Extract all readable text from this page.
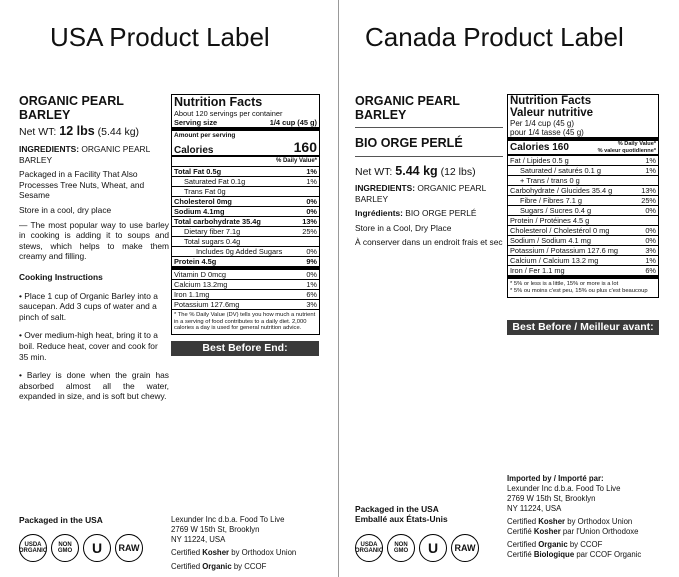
USA Product Label
ORGANIC PEARL BARLEY
Net WT: 12 lbs (5.44 kg)

INGREDIENTS: ORGANIC PEARL BARLEY

Packaged in a Facility That Also Processes Tree Nuts, Wheat, and Sesame

Store in a cool, dry place

— The most popular way to use barley in cooking is adding it to soups and stews, which helps to make them creamy and filling.

Cooking Instructions

• Place 1 cup of Organic Barley into a saucepan. Add 3 cups of water and a pinch of salt.

• Over medium-high heat, bring it to a boil. Reduce heat, cover and cook for 35 min.

• Barley is done when the grain has absorbed almost all the water, expanded in size, and is soft but chewy.

Nutrition Facts
About 120 servings per container
Serving size	1/4 cup (45 g)
Amount per serving
Calories	160
% Daily Value*
Total Fat 0.5g	1%
Saturated Fat 0.1g	1%
Trans Fat 0g
Cholesterol 0mg	0%
Sodium 4.1mg	0%
Total carbohydrate 35.4g	13%
Dietary fiber 7.1g	25%
Total sugars 0.4g
Includes 0g Added Sugars	0%
Protein 4.5g	9%
Vitamin D 0mcg	0%
Calcium 13.2mg	1%
Iron 1.1mg	6%
Potassium 127.6mg	3%
* The % Daily Value (DV) tells you how much a nutrient in a serving of food contributes to a daily diet. 2,000 calories a day is used for general nutrition advice.
Best Before End:
Packaged in the USA
USDA ORGANIC
NON GMO	U	RAW
Lexunder Inc d.b.a. Food To Live
2769 W 15th St, Brooklyn
NY 11224, USA
Certified Kosher by Orthodox Union
Certified Organic by CCOF
Canada Product Label
ORGANIC PEARL BARLEY
BIO ORGE PERLÉ
Net WT: 5.44 kg (12 lbs)

INGREDIENTS: ORGANIC PEARL BARLEY

Ingrédients: BIO ORGE PERLÉ

Store in a Cool, Dry Place

À conserver dans un endroit frais et sec

Nutrition Facts
Valeur nutritive
Per 1/4 cup (45 g)
pour 1/4 tasse (45 g)
Calories 160	% Daily Value*
% valeur quotidienne*
Fat / Lipides 0.5 g	1%
Saturated / saturés 0.1 g	1%
+ Trans / trans 0 g
Carbohydrate / Glucides 35.4 g	13%
Fibre / Fibres 7.1 g	25%
Sugars / Sucres 0.4 g	0%
Protein / Protéines 4.5 g
Cholesterol / Cholestérol 0 mg	0%
Sodium / Sodium 4.1 mg	0%
Potassium / Potassium 127.6 mg	3%
Calcium / Calcium 13.2 mg	1%
Iron / Fer 1.1 mg	6%
* 5% or less is a little, 15% or more is a lot
* 5% ou moins c'est peu, 15% ou plus c'est beaucoup
Best Before / Meilleur avant:
Packaged in the USA
Emballé aux États-Unis
USDA ORGANIC
NON GMO	U	RAW
Imported by / Importé par:
Lexunder Inc d.b.a. Food To Live
2769 W 15th St, Brooklyn
NY 11224, USA
Certified Kosher by Orthodox Union
Certifié Kosher par l'Union Orthodoxe
Certified Organic by CCOF
Certifié Biologique par CCOF Organic
